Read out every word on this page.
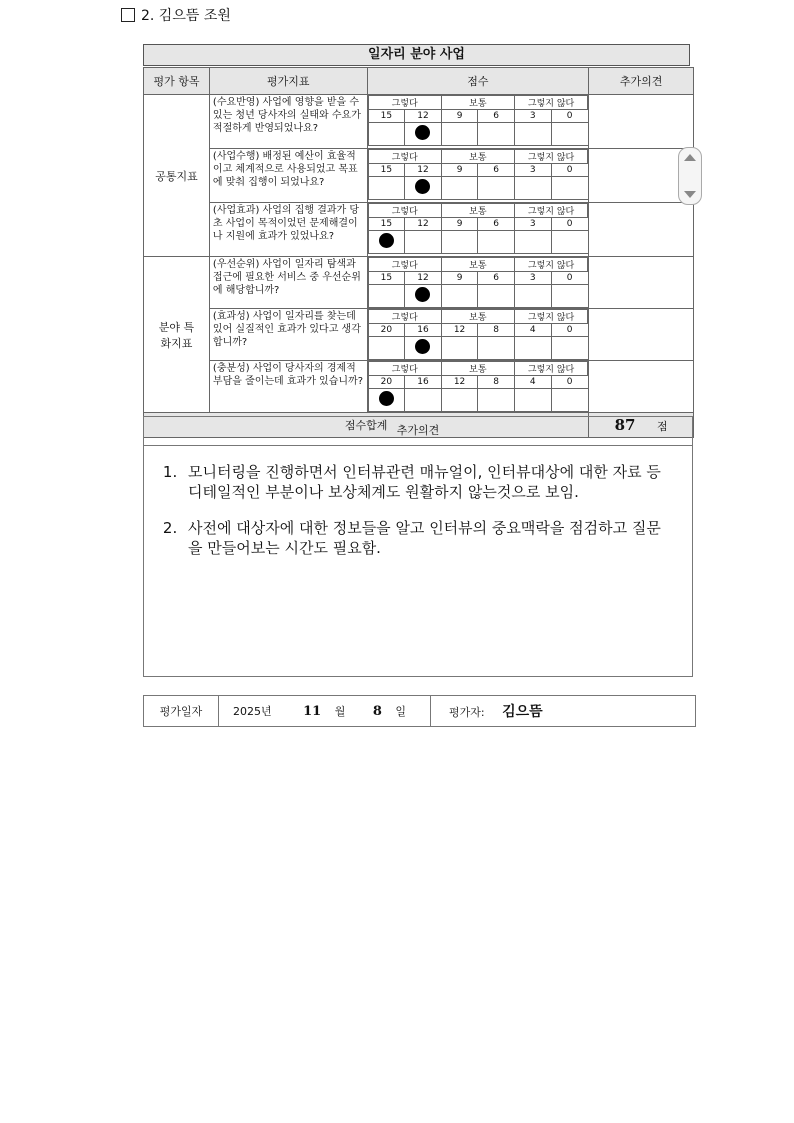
2. 김으뜸 조원
일자리 분야 사업
평가 항목	평가지표	점수	추가의견
공통지표	(수요반영) 사업에 영향을 받을 수 있는 청년 당사자의 실태와 수요가 적절하게 반영되었나요?	
그렇다	보통	그렇지 않다
15	12	9	6	3	0

(사업수행) 배정된 예산이 효율적이고 체계적으로 사용되었고 목표에 맞춰 집행이 되었나요?	
그렇다	보통	그렇지 않다
15	12	9	6	3	0

(사업효과) 사업의 집행 결과가 당초 사업이 목적이었던 문제해결이나 지원에 효과가 있었나요?	
그렇다	보통	그렇지 않다
15	12	9	6	3	0

분야 특화지표	(우선순위) 사업이 일자리 탐색과 접근에 필요한 서비스 중 우선순위에 해당합니까?	
그렇다	보통	그렇지 않다
15	12	9	6	3	0

(효과성) 사업이 일자리를 찾는데 있어 실질적인 효과가 있다고 생각합니까?	
그렇다	보통	그렇지 않다
20	16	12	8	4	0

(충분성) 사업이 당사자의 경제적 부담을 줄이는데 효과가 있습니까?	
그렇다	보통	그렇지 않다
20	16	12	8	4	0

점수합계	87 점
추가의견
1. 모니터링을 진행하면서 인터뷰관련 매뉴얼이, 인터뷰대상에 대한 자료 등 디테일적인 부분이나 보상체계도 원활하지 않는것으로 보임.
2. 사전에 대상자에 대한 정보들을 알고 인터뷰의 중요맥락을 점검하고 질문을 만들어보는 시간도 필요함.
평가일자	2025년 11 월 8 일	평가자: 김으뜸
